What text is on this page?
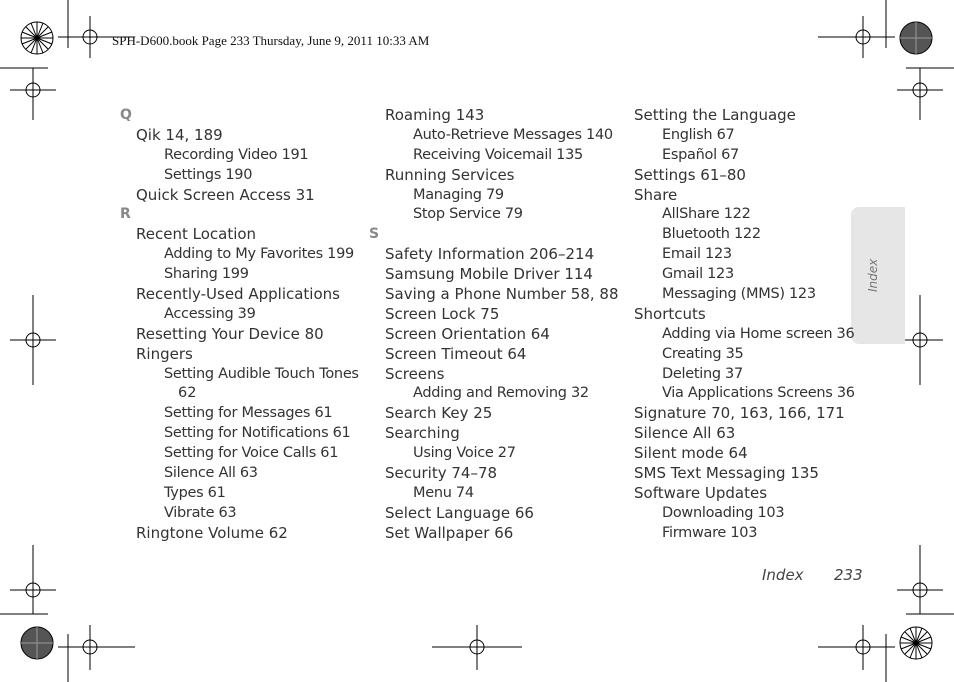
SPH-D600.book Page 233 Thursday, June 9, 2011 10:33 AM
Index
Q
Qik 14, 189
Recording Video 191
Settings 190
Quick Screen Access 31
R
Recent Location
Adding to My Favorites 199
Sharing 199
Recently-Used Applications
Accessing 39
Resetting Your Device 80
Ringers
Setting Audible Touch Tones
62
Setting for Messages 61
Setting for Notifications 61
Setting for Voice Calls 61
Silence All 63
Types 61
Vibrate 63
Ringtone Volume 62
Roaming 143
Auto-Retrieve Messages 140
Receiving Voicemail 135
Running Services
Managing 79
Stop Service 79
S
Safety Information 206–214
Samsung Mobile Driver 114
Saving a Phone Number 58, 88
Screen Lock 75
Screen Orientation 64
Screen Timeout 64
Screens
Adding and Removing 32
Search Key 25
Searching
Using Voice 27
Security 74–78
Menu 74
Select Language 66
Set Wallpaper 66
Setting the Language
English 67
Español 67
Settings 61–80
Share
AllShare 122
Bluetooth 122
Email 123
Gmail 123
Messaging (MMS) 123
Shortcuts
Adding via Home screen 36
Creating 35
Deleting 37
Via Applications Screens 36
Signature 70, 163, 166, 171
Silence All 63
Silent mode 64
SMS Text Messaging 135
Software Updates
Downloading 103
Firmware 103
Index 233
